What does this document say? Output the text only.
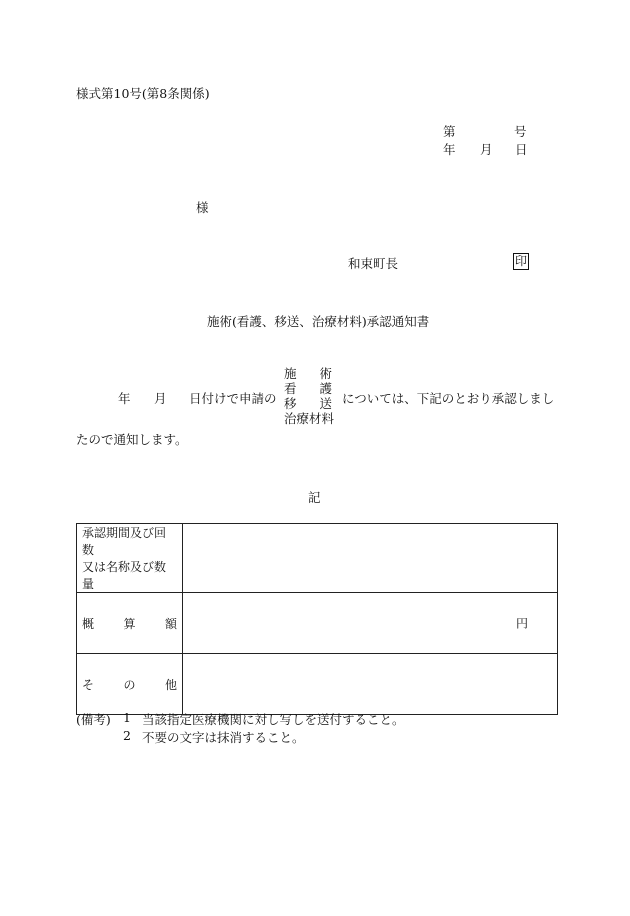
様式第10号(第8条関係)
第	号
年 月 日
様
和束町長	印
施術(看護、移送、治療材料)承認通知書
年 月 日付けで申請の
施 術
看 護
移 送
治療材料
については、下記のとおり承認しまし
たので通知します。
記
承認期間及び回数
又は名称及び数量	

概 算 額	円

そ の 他	

(備考) 1 当該指定医療機関に対し写しを送付すること。
2 不要の文字は抹消すること。
